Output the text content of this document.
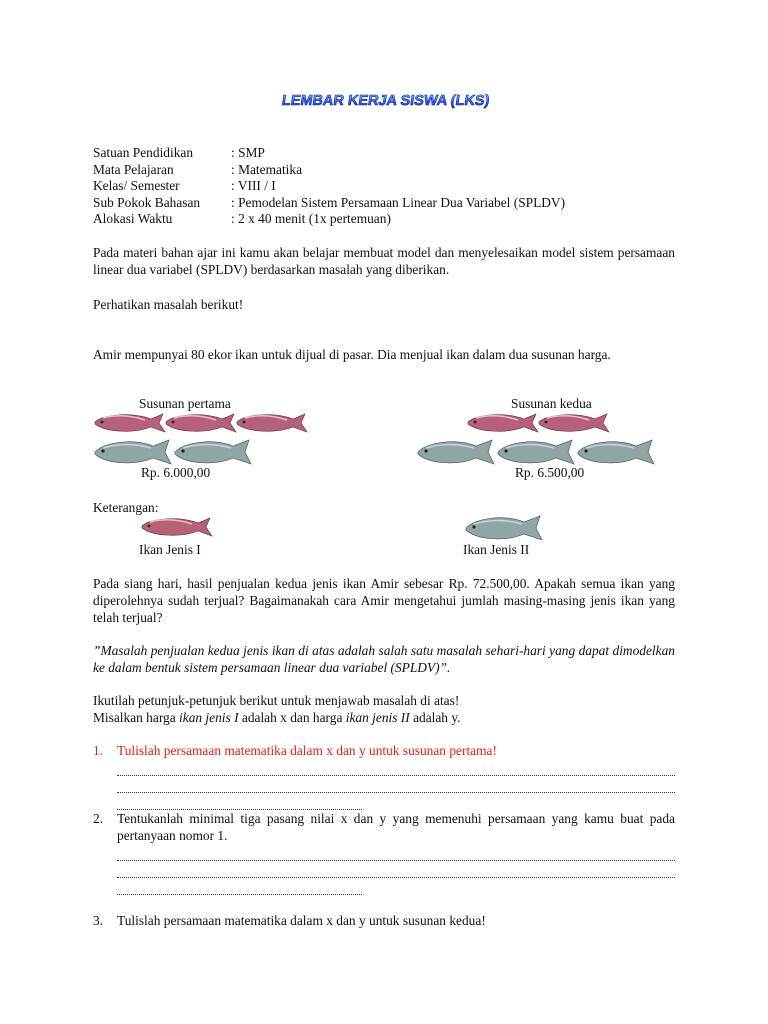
LEMBAR KERJA SISWA (LKS)
Satuan Pendidikan	: SMP
Mata Pelajaran	: Matematika
Kelas/ Semester	: VIII / I
Sub Pokok Bahasan	: Pemodelan Sistem Persamaan Linear Dua Variabel (SPLDV)
Alokasi Waktu	: 2 x 40 menit (1x pertemuan)
Pada materi bahan ajar ini kamu akan belajar membuat model dan menyelesaikan model sistem persamaan linear dua variabel (SPLDV) berdasarkan masalah yang diberikan.
Perhatikan masalah berikut!
Amir mempunyai 80 ekor ikan untuk dijual di pasar. Dia menjual ikan dalam dua susunan harga.
Susunan pertama	Susunan kedua
Rp. 6.000,00	Rp. 6.500,00
Keterangan:
Ikan Jenis I	Ikan Jenis II
Pada siang hari, hasil penjualan kedua jenis ikan Amir sebesar Rp. 72.500,00. Apakah semua ikan yang diperolehnya sudah terjual? Bagaimanakah cara Amir mengetahui jumlah masing-masing jenis ikan yang telah terjual?
”Masalah penjualan kedua jenis ikan di atas adalah salah satu masalah sehari-hari yang dapat dimodelkan ke dalam bentuk sistem persamaan linear dua variabel (SPLDV)”.
Ikutilah petunjuk-petunjuk berikut untuk menjawab masalah di atas!
Misalkan harga ikan jenis I adalah x dan harga ikan jenis II adalah y.
1. Tulislah persamaan matematika dalam x dan y untuk susunan pertama!
2. Tentukanlah minimal tiga pasang nilai x dan y yang memenuhi persamaan yang kamu buat pada pertanyaan nomor 1.
3. Tulislah persamaan matematika dalam x dan y untuk susunan kedua!
